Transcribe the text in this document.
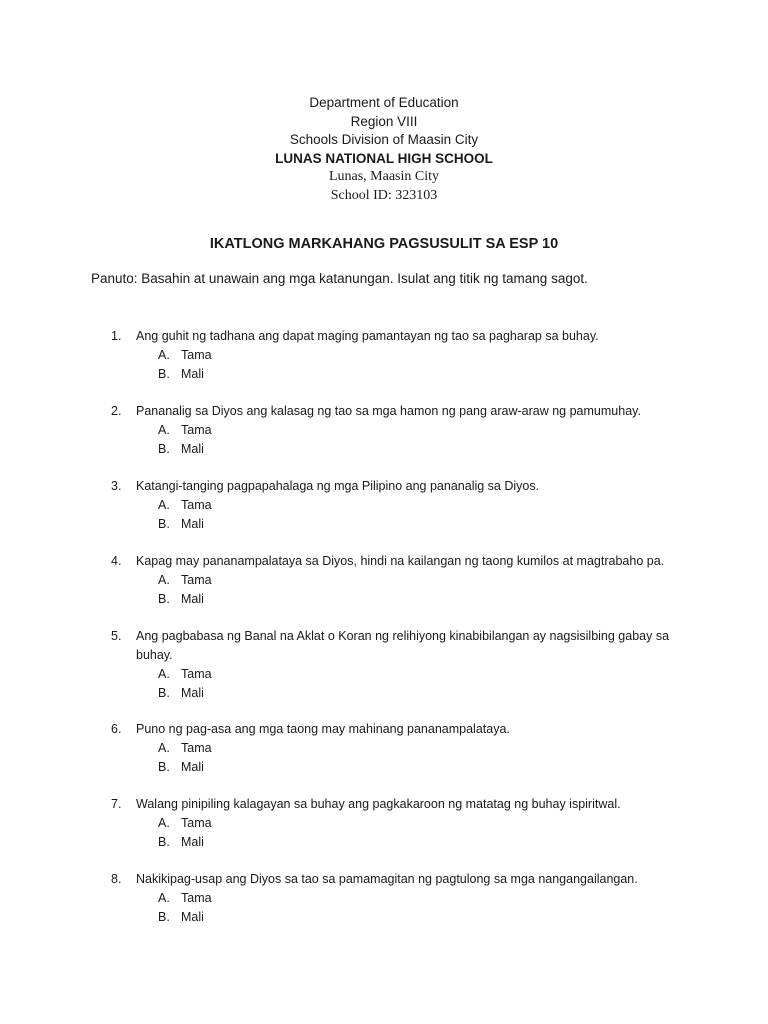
Department of Education
Region VIII
Schools Division of Maasin City
LUNAS NATIONAL HIGH SCHOOL
Lunas, Maasin City
School ID: 323103
IKATLONG MARKAHANG PAGSUSULIT SA ESP 10
Panuto: Basahin at unawain ang mga katanungan. Isulat ang titik ng tamang sagot.
1.	Ang guhit ng tadhana ang dapat maging pamantayan ng tao sa pagharap sa buhay.
A. Tama
B. Mali
2.	Pananalig sa Diyos ang kalasag ng tao sa mga hamon ng pang araw-araw ng pamumuhay.
A. Tama
B. Mali
3.	Katangi-tanging pagpapahalaga ng mga Pilipino ang pananalig sa Diyos.
A. Tama
B. Mali
4.	Kapag may pananampalataya sa Diyos, hindi na kailangan ng taong kumilos at magtrabaho pa.
A. Tama
B. Mali
5.	Ang pagbabasa ng Banal na Aklat o Koran ng relihiyong kinabibilangan ay nagsisilbing gabay sa buhay.
A. Tama
B. Mali
6.	Puno ng pag-asa ang mga taong may mahinang pananampalataya.
A. Tama
B. Mali
7.	Walang pinipiling kalagayan sa buhay ang pagkakaroon ng matatag ng buhay ispiritwal.
A. Tama
B. Mali
8.	Nakikipag-usap ang Diyos sa tao sa pamamagitan ng pagtulong sa mga nangangailangan.
A. Tama
B. Mali
